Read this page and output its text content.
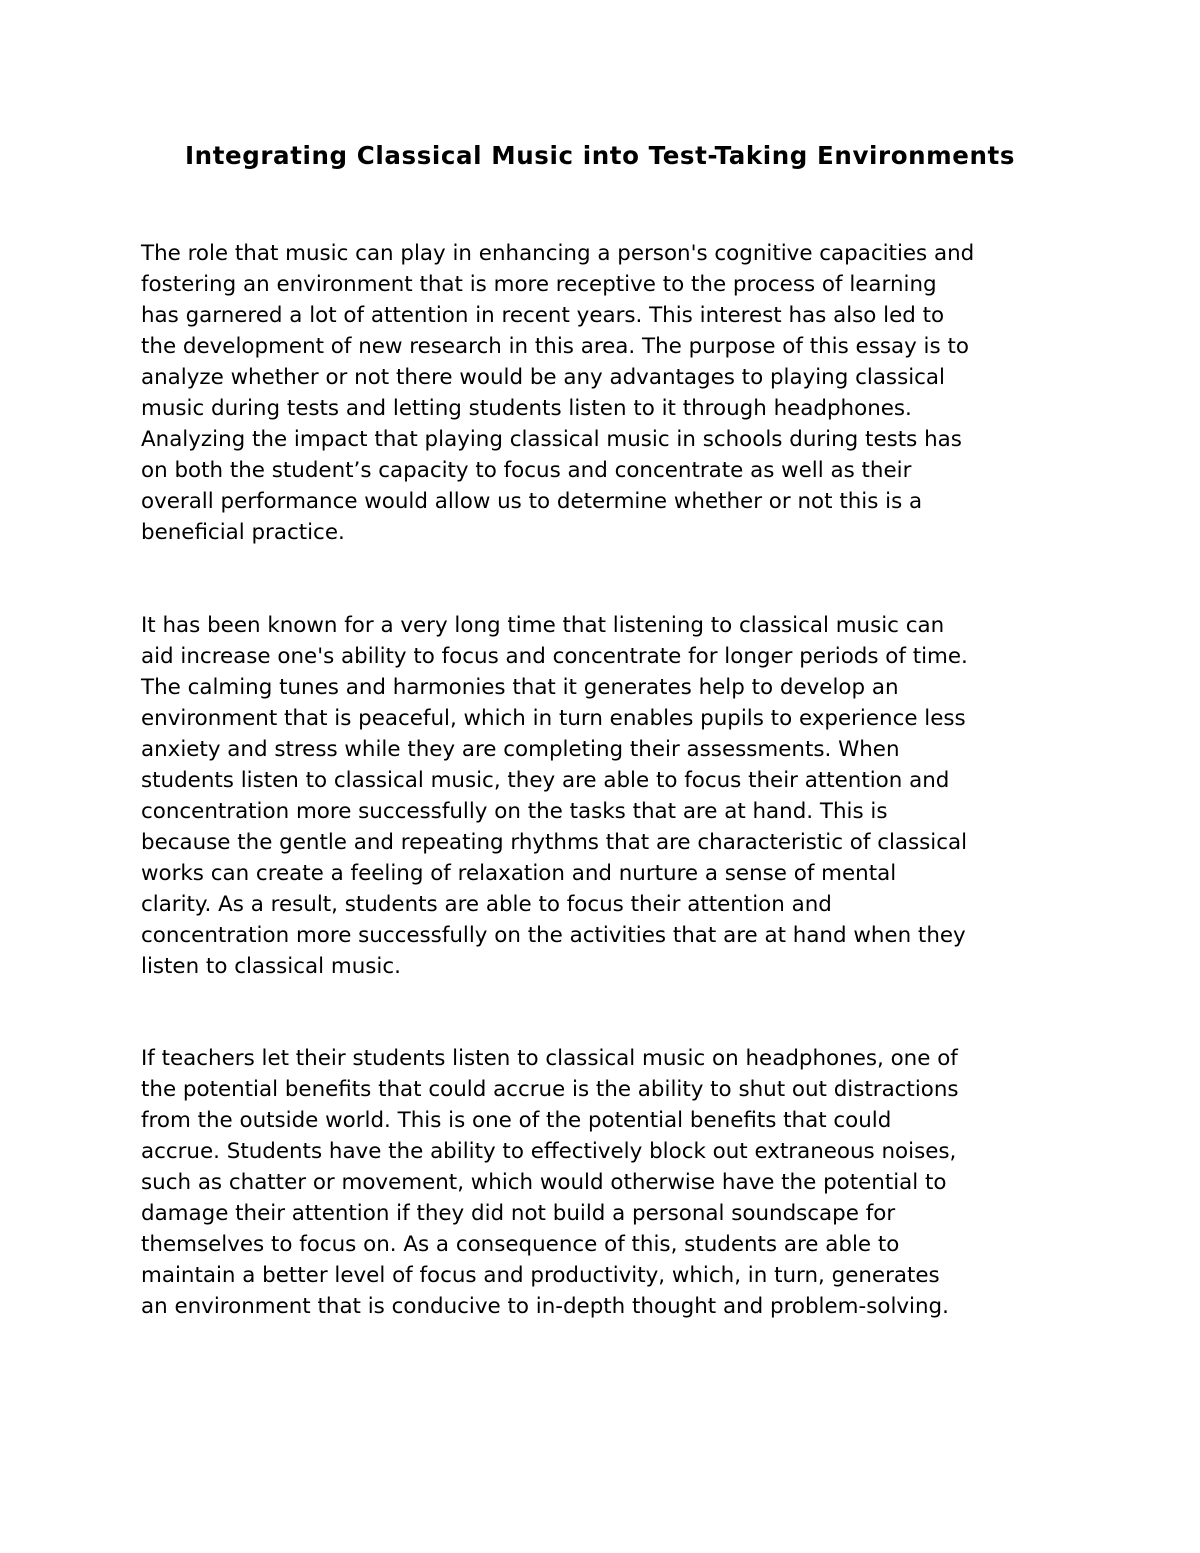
Integrating Classical Music into Test-Taking Environments

The role that music can play in enhancing a person's cognitive capacities and
fostering an environment that is more receptive to the process of learning
has garnered a lot of attention in recent years. This interest has also led to
the development of new research in this area. The purpose of this essay is to
analyze whether or not there would be any advantages to playing classical
music during tests and letting students listen to it through headphones.
Analyzing the impact that playing classical music in schools during tests has
on both the student’s capacity to focus and concentrate as well as their
overall performance would allow us to determine whether or not this is a
beneficial practice.

It has been known for a very long time that listening to classical music can
aid increase one's ability to focus and concentrate for longer periods of time.
The calming tunes and harmonies that it generates help to develop an
environment that is peaceful, which in turn enables pupils to experience less
anxiety and stress while they are completing their assessments. When
students listen to classical music, they are able to focus their attention and
concentration more successfully on the tasks that are at hand. This is
because the gentle and repeating rhythms that are characteristic of classical
works can create a feeling of relaxation and nurture a sense of mental
clarity. As a result, students are able to focus their attention and
concentration more successfully on the activities that are at hand when they
listen to classical music.

If teachers let their students listen to classical music on headphones, one of
the potential benefits that could accrue is the ability to shut out distractions
from the outside world. This is one of the potential benefits that could
accrue. Students have the ability to effectively block out extraneous noises,
such as chatter or movement, which would otherwise have the potential to
damage their attention if they did not build a personal soundscape for
themselves to focus on. As a consequence of this, students are able to
maintain a better level of focus and productivity, which, in turn, generates
an environment that is conducive to in-depth thought and problem-solving.
